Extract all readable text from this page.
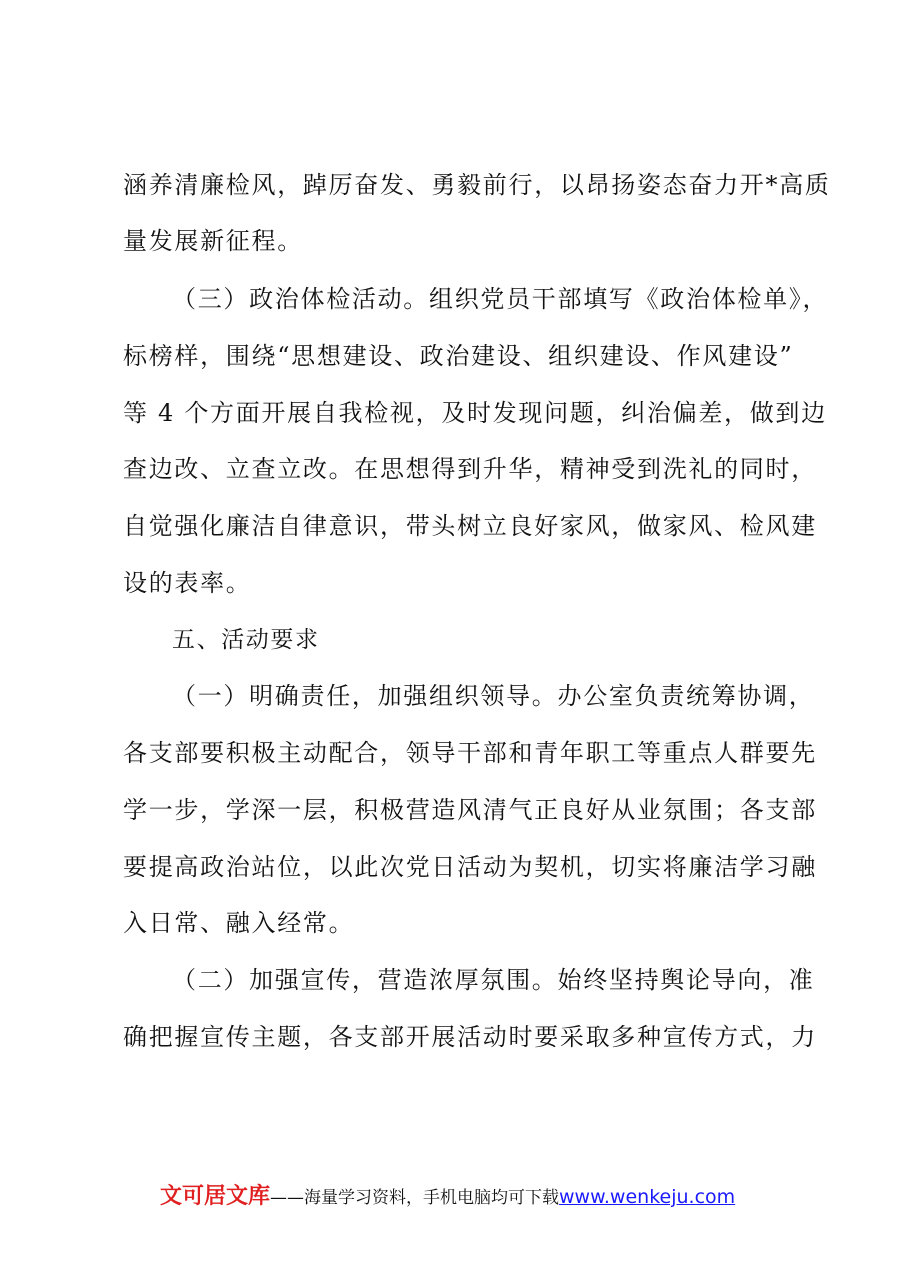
涵养清廉检风，踔厉奋发、勇毅前行，以昂扬姿态奋力开*高质
量发展新征程。
（三）政治体检活动。组织党员干部填写《政治体检单》，
标榜样，围绕“思想建设、政治建设、组织建设、作风建设”
等 4 个方面开展自我检视，及时发现问题，纠治偏差，做到边
查边改、立查立改。在思想得到升华，精神受到洗礼的同时，
自觉强化廉洁自律意识，带头树立良好家风，做家风、检风建
设的表率。
五、活动要求
（一）明确责任，加强组织领导。办公室负责统筹协调，
各支部要积极主动配合，领导干部和青年职工等重点人群要先
学一步，学深一层，积极营造风清气正良好从业氛围；各支部
要提高政治站位，以此次党日活动为契机，切实将廉洁学习融
入日常、融入经常。
（二）加强宣传，营造浓厚氛围。始终坚持舆论导向，准
确把握宣传主题，各支部开展活动时要采取多种宣传方式，力
文可居文库——海量学习资料，手机电脑均可下载www.wenkeju.com
